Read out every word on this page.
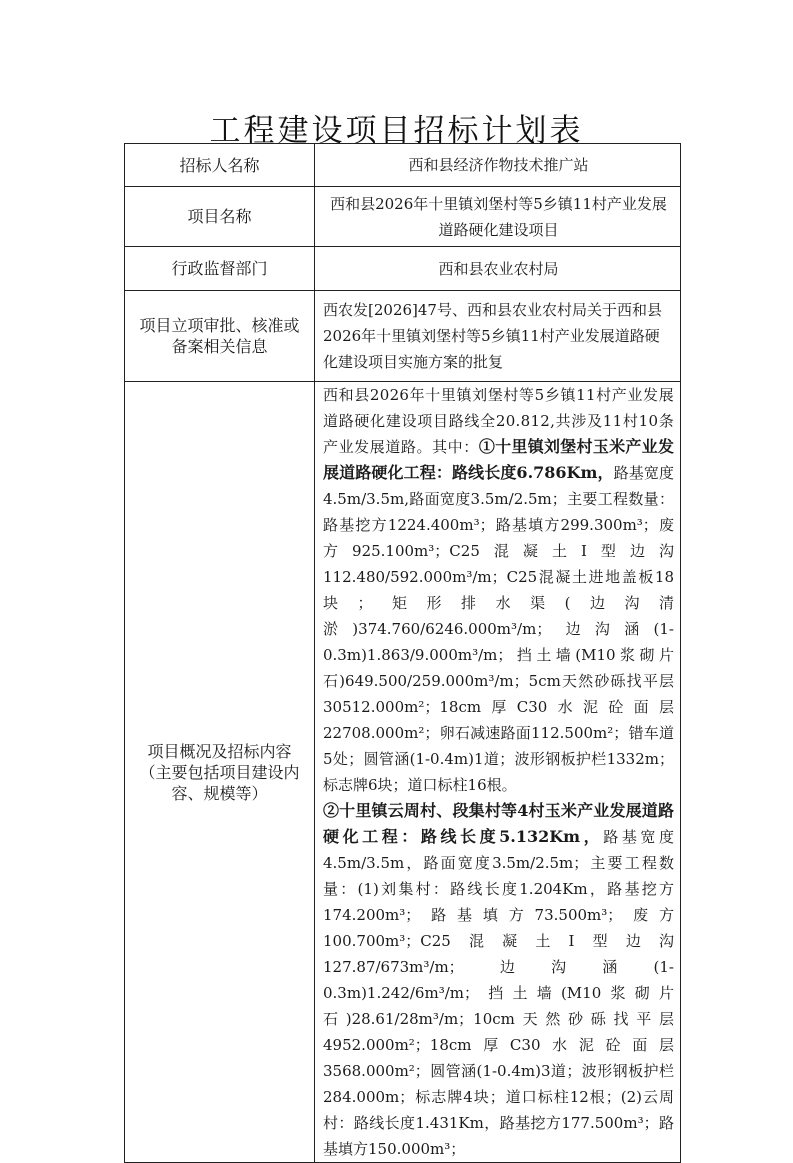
工程建设项目招标计划表
招标人名称	西和县经济作物技术推广站
项目名称	西和县2026年十里镇刘堡村等5乡镇11村产业发展道路硬化建设项目
行政监督部门	西和县农业农村局
项目立项审批、核准或备案相关信息	西农发[2026]47号、西和县农业农村局关于西和县2026年十里镇刘堡村等5乡镇11村产业发展道路硬化建设项目实施方案的批复
项目概况及招标内容（主要包括项目建设内容、规模等）	西和县2026年十里镇刘堡村等5乡镇11村产业发展道路硬化建设项目路线全20.812,共涉及11村10条产业发展道路。其中：①十里镇刘堡村玉米产业发展道路硬化工程：路线长度6.786Km，路基宽度4.5m/3.5m,路面宽度3.5m/2.5m；主要工程数量：路基挖方1224.400m³；路基填方299.300m³；废方925.100m³；C25混凝土Ⅰ型边沟112.480/592.000m³/m；C25混凝土进地盖板18块；矩形排水渠(边沟清淤)374.760/6246.000m³/m；边沟涵(1-0.3m)1.863/9.000m³/m；挡土墙(M10浆砌片石)649.500/259.000m³/m；5cm天然砂砾找平层30512.000m²；18cm厚C30水泥砼面层22708.000m²；卵石减速路面112.500m²；错车道5处；圆管涵(1-0.4m)1道；波形钢板护栏1332m；标志牌6块；道口标柱16根。
②十里镇云周村、段集村等4村玉米产业发展道路硬化工程：路线长度5.132Km，路基宽度4.5m/3.5m，路面宽度3.5m/2.5m；主要工程数量：(1)刘集村：路线长度1.204Km，路基挖方174.200m³；路基填方73.500m³；废方100.700m³；C25混凝土Ⅰ型边沟127.87/673m³/m；边沟涵(1-0.3m)1.242/6m³/m；挡土墙(M10浆砌片石)28.61/28m³/m；10cm天然砂砾找平层4952.000m²；18cm厚C30水泥砼面层3568.000m²；圆管涵(1-0.4m)3道；波形钢板护栏284.000m；标志牌4块；道口标柱12根；(2)云周村：路线长度1.431Km，路基挖方177.500m³；路基填方150.000m³；
